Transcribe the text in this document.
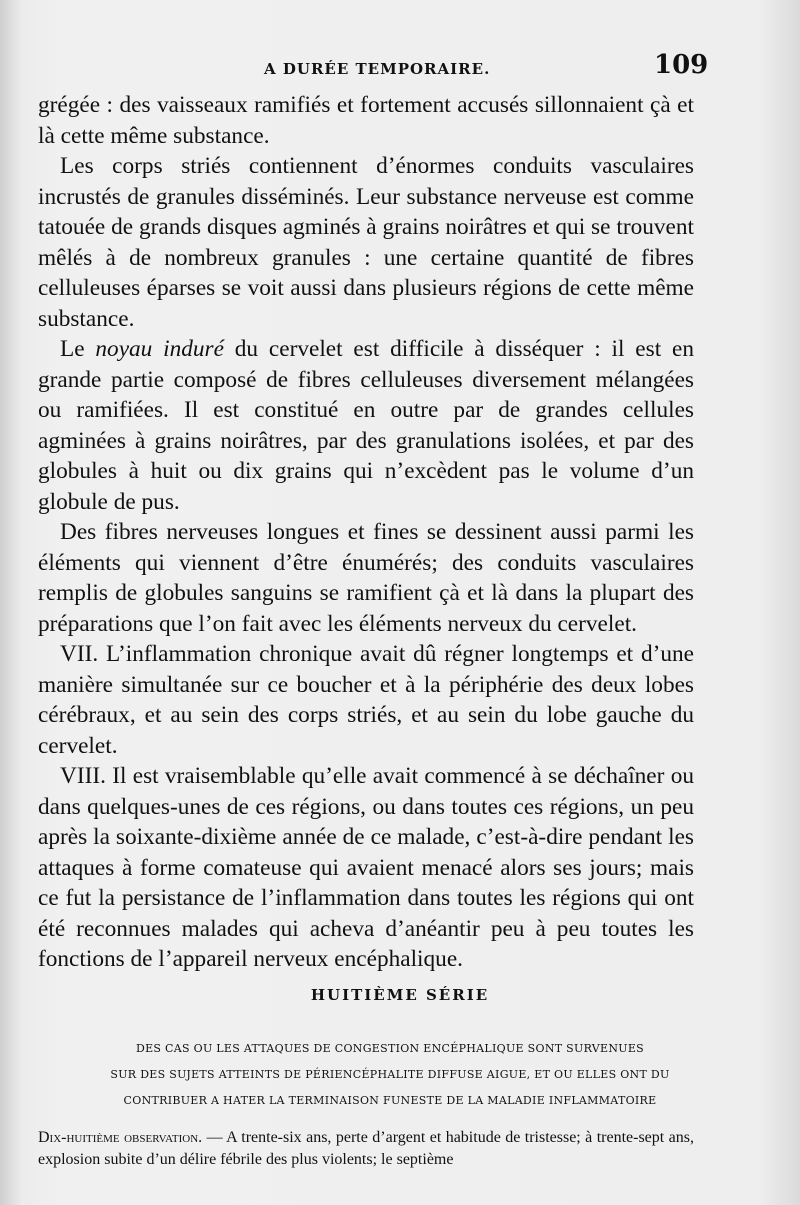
A DURÉE TEMPORAIRE.	109

grégée : des vaisseaux ramifiés et fortement accusés sillonnaient çà et là cette même substance.

Les corps striés contiennent d’énormes conduits vasculaires incrustés de granules disséminés. Leur substance nerveuse est comme tatouée de grands disques agminés à grains noirâtres et qui se trouvent mêlés à de nombreux granules : une certaine quantité de fibres celluleuses éparses se voit aussi dans plusieurs régions de cette même substance.

Le noyau induré du cervelet est difficile à disséquer : il est en grande partie composé de fibres celluleuses diversement mélangées ou ramifiées. Il est constitué en outre par de grandes cellules agminées à grains noirâtres, par des granulations isolées, et par des globules à huit ou dix grains qui n’excèdent pas le volume d’un globule de pus.

Des fibres nerveuses longues et fines se dessinent aussi parmi les éléments qui viennent d’être énumérés; des conduits vasculaires remplis de globules sanguins se ramifient çà et là dans la plupart des préparations que l’on fait avec les éléments nerveux du cervelet.

VII. L’inflammation chronique avait dû régner longtemps et d’une manière simultanée sur ce boucher et à la périphérie des deux lobes cérébraux, et au sein des corps striés, et au sein du lobe gauche du cervelet.

VIII. Il est vraisemblable qu’elle avait commencé à se déchaîner ou dans quelques-unes de ces régions, ou dans toutes ces régions, un peu après la soixante-dixième année de ce malade, c’est-à-dire pendant les attaques à forme comateuse qui avaient menacé alors ses jours; mais ce fut la persistance de l’inflammation dans toutes les régions qui ont été reconnues malades qui acheva d’anéantir peu à peu toutes les fonctions de l’appareil nerveux encéphalique.

HUITIÈME SÉRIE
DES CAS OU LES ATTAQUES DE CONGESTION ENCÉPHALIQUE SONT SURVENUES
SUR DES SUJETS ATTEINTS DE PÉRIENCÉPHALITE DIFFUSE AIGUE, ET OU ELLES ONT DU
CONTRIBUER A HATER LA TERMINAISON FUNESTE DE LA MALADIE INFLAMMATOIRE
Dix-huitième observation. — A trente-six ans, perte d’argent et habitude de tristesse; à trente-sept ans, explosion subite d’un délire fébrile des plus violents; le septième
